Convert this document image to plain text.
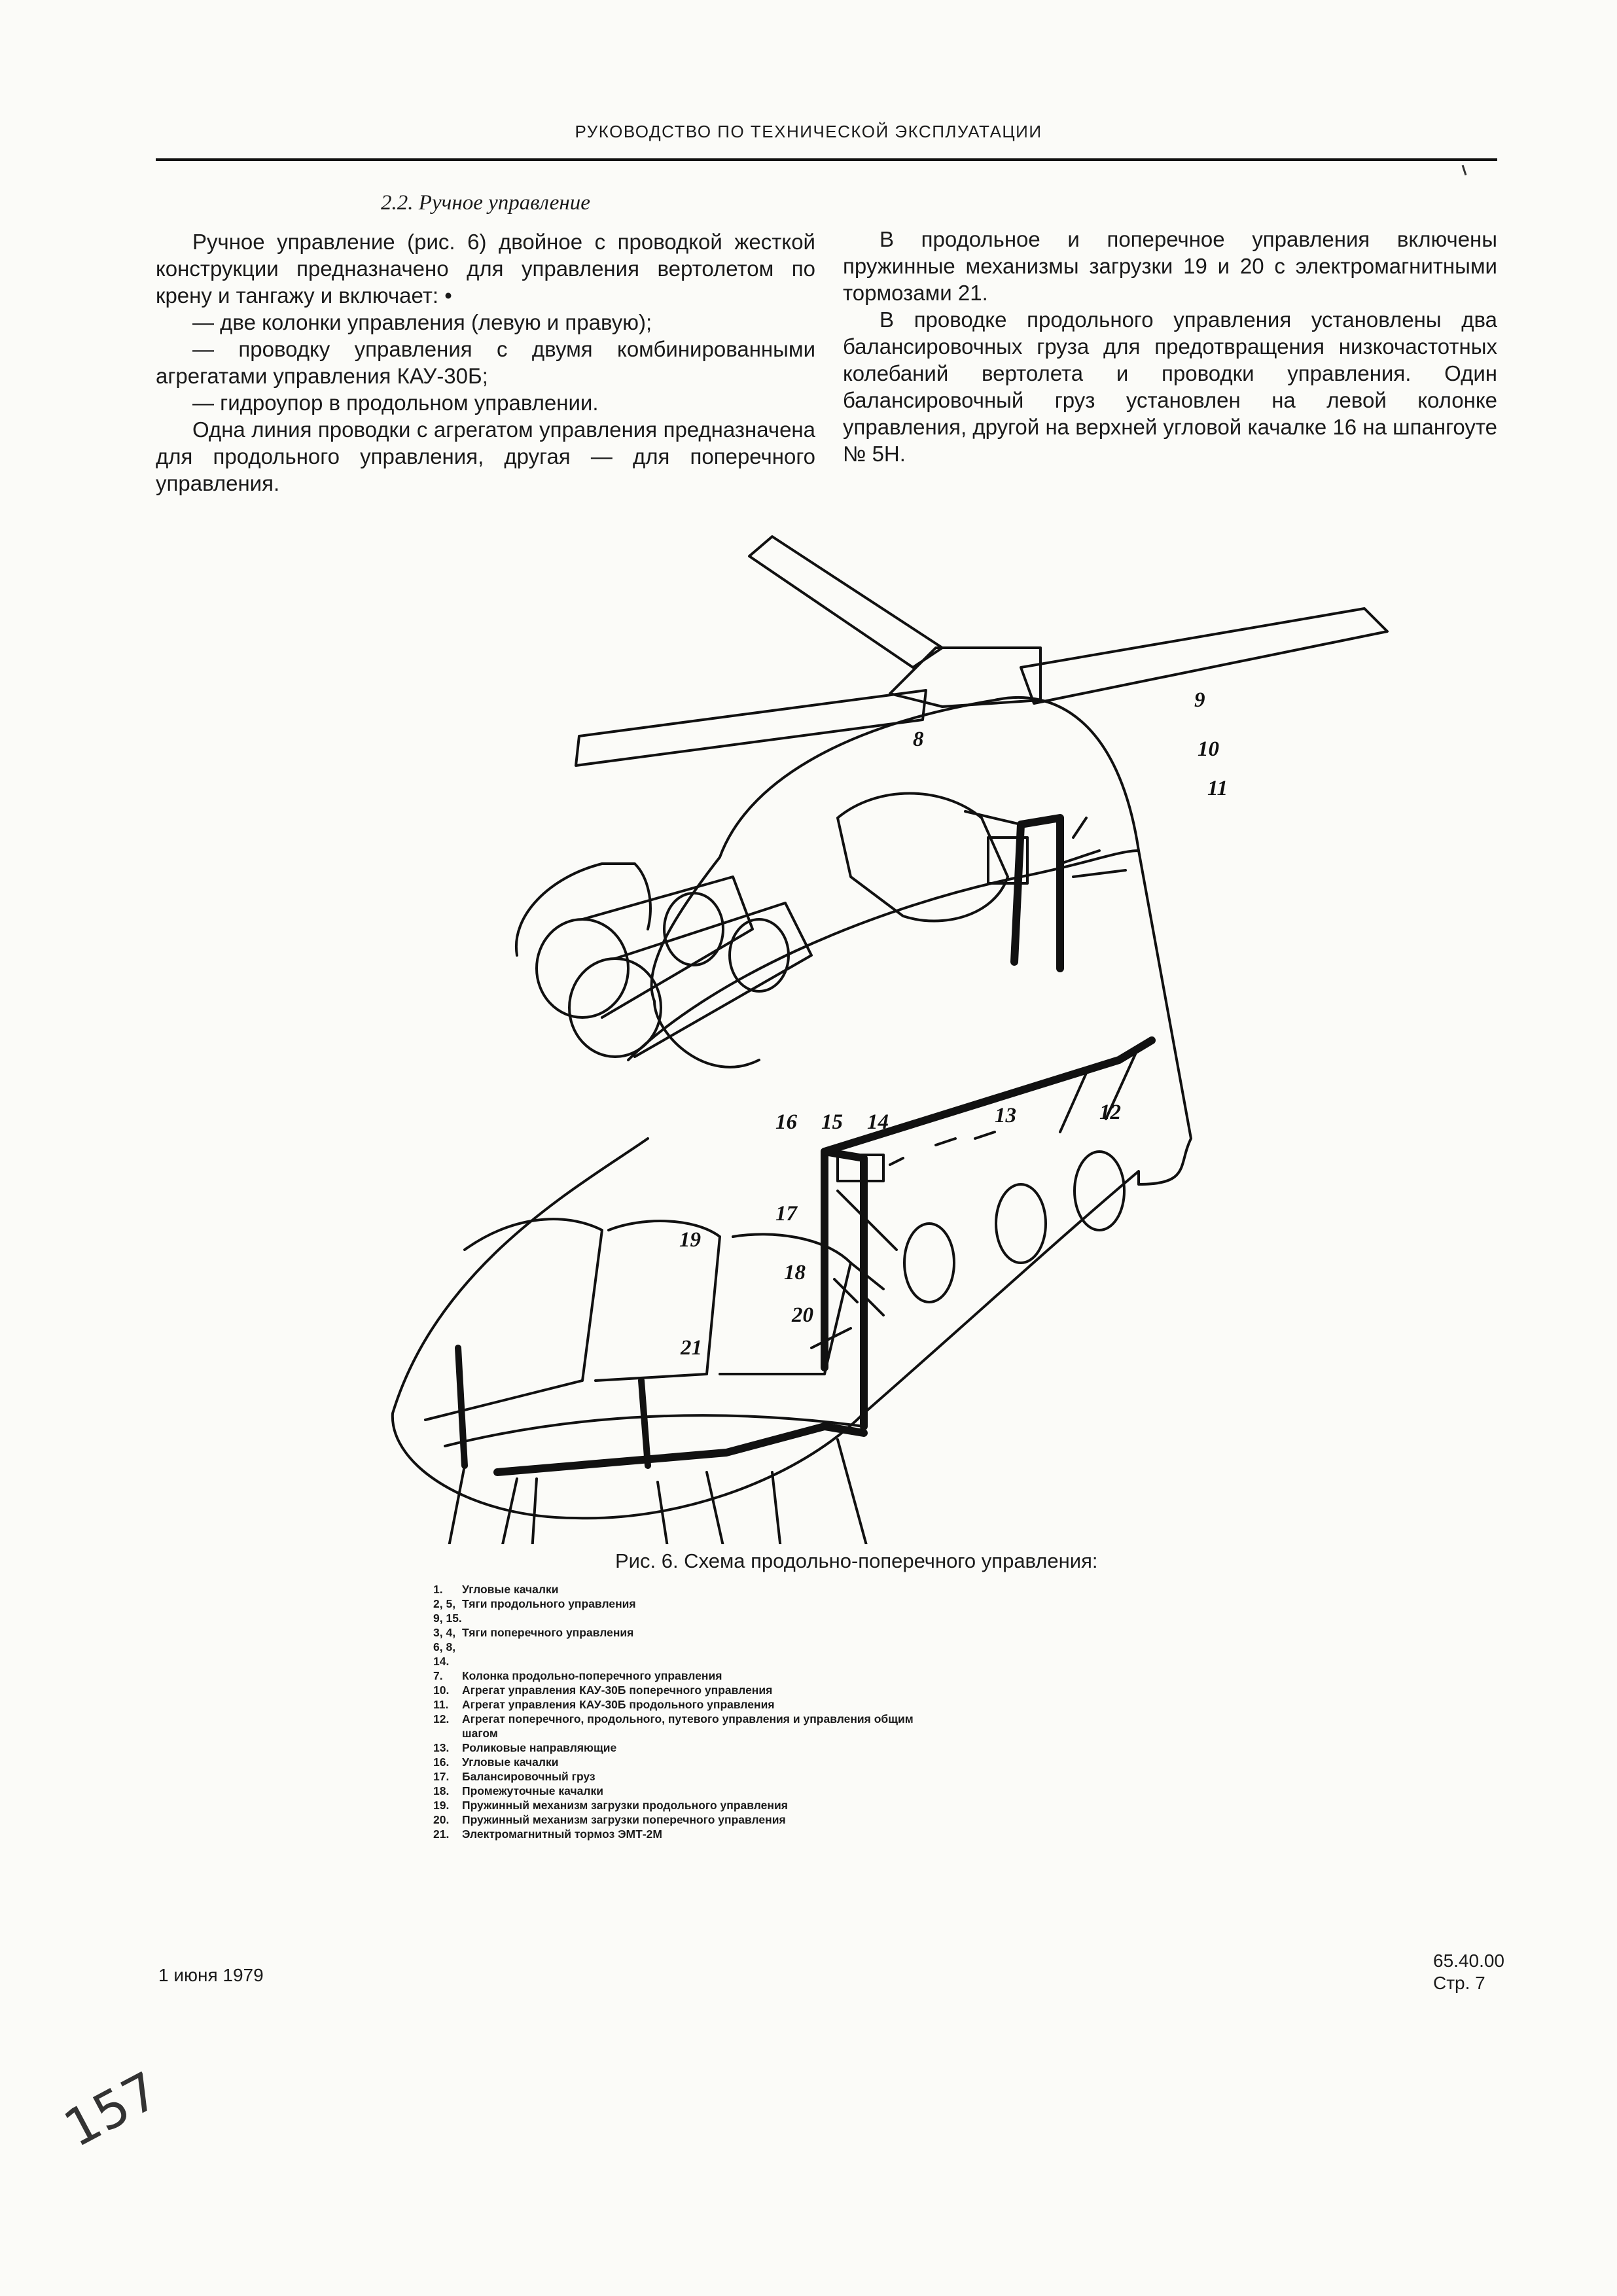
РУКОВОДСТВО ПО ТЕХНИЧЕСКОЙ ЭКСПЛУАТАЦИИ

2.2. Ручное управление

Ручное управление (рис. 6) двойное с проводкой жесткой конструкции предназначено для управления вертолетом по крену и тангажу и включает: •

— две колонки управления (левую и правую);

— проводку управления с двумя комбинированными агрегатами управления КАУ-30Б;

— гидроупор в продольном управлении.

Одна линия проводки с агрегатом управления предназначена для продольного управления, другая — для поперечного управления.

В продольное и поперечное управления включены пружинные механизмы загрузки 19 и 20 с электромагнитными тормозами 21.

В проводке продольного управления установлены два балансировочных груза для предотвращения низкочастотных колебаний вертолета и проводки управления. Один балансировочный груз установлен на левой колонке управления, другой на верхней угловой качалке 16 на шпангоуте № 5Н.

8
9
10
11
12
13
14
15
16
17
18
19
20
21
Рис. 6. Схема продольно-поперечного управления:
1.	Угловые качалки
2, 5, 9, 15.
Тяги продольного управления
3, 4, 6, 8, 14.
Тяги поперечного управления
7.	Колонка продольно-поперечного управления
10.	Агрегат управления КАУ-30Б поперечного управления
11.	Агрегат управления КАУ-30Б продольного управления
12.	Агрегат поперечного, продольного, путевого управления и управления общим шагом
13.	Роликовые направляющие
16.	Угловые качалки
17.	Балансировочный груз
18.	Промежуточные качалки
19.	Пружинный механизм загрузки продольного управления
20.	Пружинный механизм загрузки поперечного управления
21.	Электромагнитный тормоз ЭМТ-2М
1 июня 1979
65.40.00
Стр. 7
157
